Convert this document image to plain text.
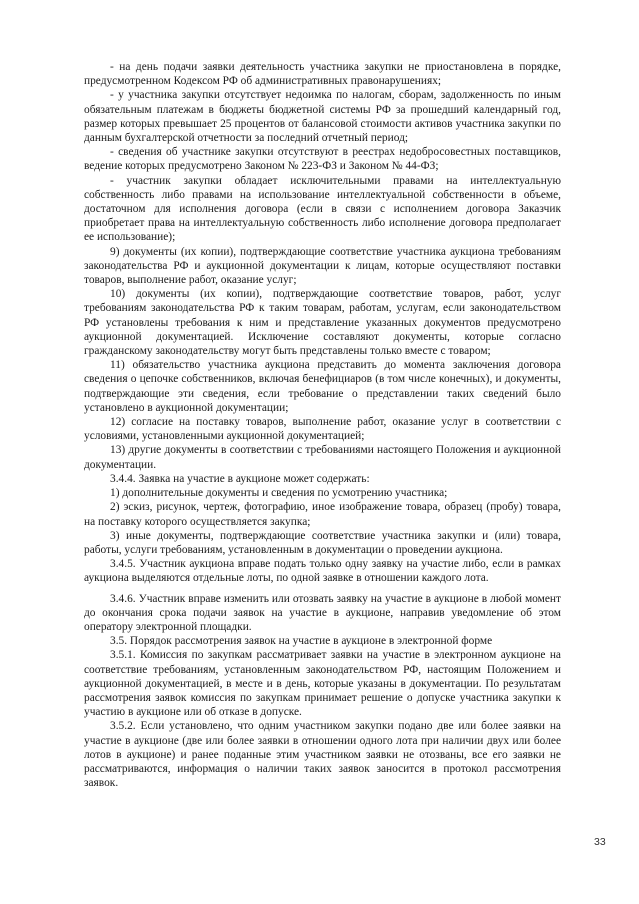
- на день подачи заявки деятельность участника закупки не приостановлена в порядке, предусмотренном Кодексом РФ об административных правонарушениях;

- у участника закупки отсутствует недоимка по налогам, сборам, задолженность по иным обязательным платежам в бюджеты бюджетной системы РФ за прошедший календарный год, размер которых превышает 25 процентов от балансовой стоимости активов участника закупки по данным бухгалтерской отчетности за последний отчетный период;

- сведения об участнике закупки отсутствуют в реестрах недобросовестных поставщиков, ведение которых предусмотрено Законом № 223-ФЗ и Законом № 44-ФЗ;

- участник закупки обладает исключительными правами на интеллектуальную собственность либо правами на использование интеллектуальной собственности в объеме, достаточном для исполнения договора (если в связи с исполнением договора Заказчик приобретает права на интеллектуальную собственность либо исполнение договора предполагает ее использование);

9) документы (их копии), подтверждающие соответствие участника аукциона требованиям законодательства РФ и аукционной документации к лицам, которые осуществляют поставки товаров, выполнение работ, оказание услуг;

10) документы (их копии), подтверждающие соответствие товаров, работ, услуг требованиям законодательства РФ к таким товарам, работам, услугам, если законодательством РФ установлены требования к ним и представление указанных документов предусмотрено аукционной документацией. Исключение составляют документы, которые согласно гражданскому законодательству могут быть представлены только вместе с товаром;

11) обязательство участника аукциона представить до момента заключения договора сведения о цепочке собственников, включая бенефициаров (в том числе конечных), и документы, подтверждающие эти сведения, если требование о представлении таких сведений было установлено в аукционной документации;

12) согласие на поставку товаров, выполнение работ, оказание услуг в соответствии с условиями, установленными аукционной документацией;

13) другие документы в соответствии с требованиями настоящего Положения и аукционной документации.

3.4.4. Заявка на участие в аукционе может содержать:

1) дополнительные документы и сведения по усмотрению участника;

2) эскиз, рисунок, чертеж, фотографию, иное изображение товара, образец (пробу) товара, на поставку которого осуществляется закупка;

3) иные документы, подтверждающие соответствие участника закупки и (или) товара, работы, услуги требованиям, установленным в документации о проведении аукциона.

3.4.5. Участник аукциона вправе подать только одну заявку на участие либо, если в рамках аукциона выделяются отдельные лоты, по одной заявке в отношении каждого лота.

3.4.6. Участник вправе изменить или отозвать заявку на участие в аукционе в любой момент до окончания срока подачи заявок на участие в аукционе, направив уведомление об этом оператору электронной площадки.

3.5. Порядок рассмотрения заявок на участие в аукционе в электронной форме

3.5.1. Комиссия по закупкам рассматривает заявки на участие в электронном аукционе на соответствие требованиям, установленным законодательством РФ, настоящим Положением и аукционной документацией, в месте и в день, которые указаны в документации. По результатам рассмотрения заявок комиссия по закупкам принимает решение о допуске участника закупки к участию в аукционе или об отказе в допуске.

3.5.2. Если установлено, что одним участником закупки подано две или более заявки на участие в аукционе (две или более заявки в отношении одного лота при наличии двух или более лотов в аукционе) и ранее поданные этим участником заявки не отозваны, все его заявки не рассматриваются, информация о наличии таких заявок заносится в протокол рассмотрения заявок.

33
